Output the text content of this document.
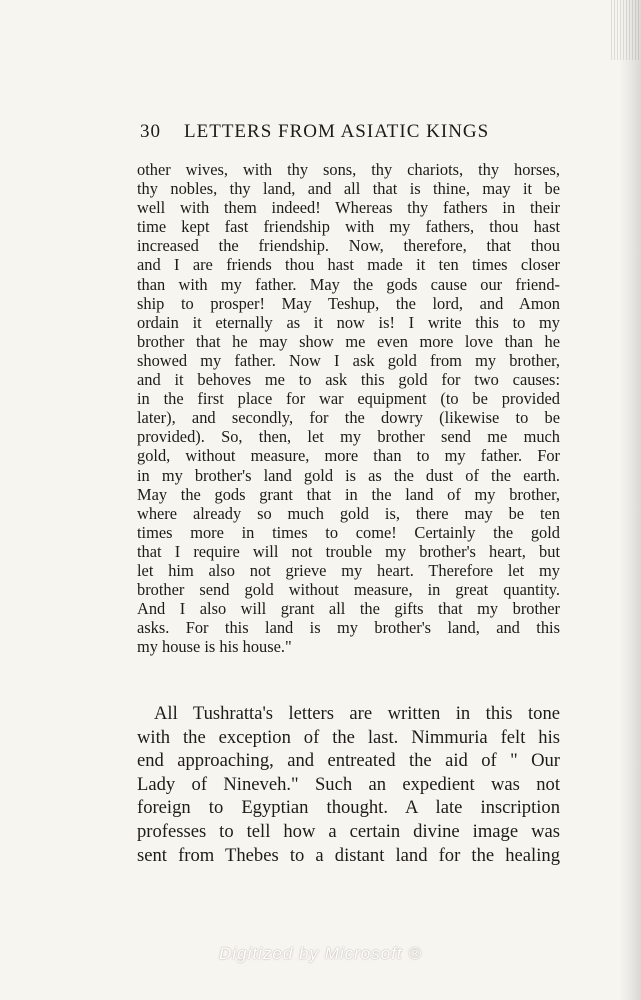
30 LETTERS FROM ASIATIC KINGS
other wives, with thy sons, thy chariots, thy horses,
thy nobles, thy land, and all that is thine, may it be
well with them indeed! Whereas thy fathers in their
time kept fast friendship with my fathers, thou hast
increased the friendship. Now, therefore, that thou
and I are friends thou hast made it ten times closer
than with my father. May the gods cause our friend-
ship to prosper! May Teshup, the lord, and Amon
ordain it eternally as it now is! I write this to my
brother that he may show me even more love than he
showed my father. Now I ask gold from my brother,
and it behoves me to ask this gold for two causes:
in the first place for war equipment (to be provided
later), and secondly, for the dowry (likewise to be
provided). So, then, let my brother send me much
gold, without measure, more than to my father. For
in my brother's land gold is as the dust of the earth.
May the gods grant that in the land of my brother,
where already so much gold is, there may be ten
times more in times to come! Certainly the gold
that I require will not trouble my brother's heart, but
let him also not grieve my heart. Therefore let my
brother send gold without measure, in great quantity.
And I also will grant all the gifts that my brother
asks. For this land is my brother's land, and this
my house is his house."
All Tushratta's letters are written in this tone
with the exception of the last. Nimmuria felt his
end approaching, and entreated the aid of " Our
Lady of Nineveh." Such an expedient was not
foreign to Egyptian thought. A late inscription
professes to tell how a certain divine image was
sent from Thebes to a distant land for the healing
Digitized by Microsoft ®
